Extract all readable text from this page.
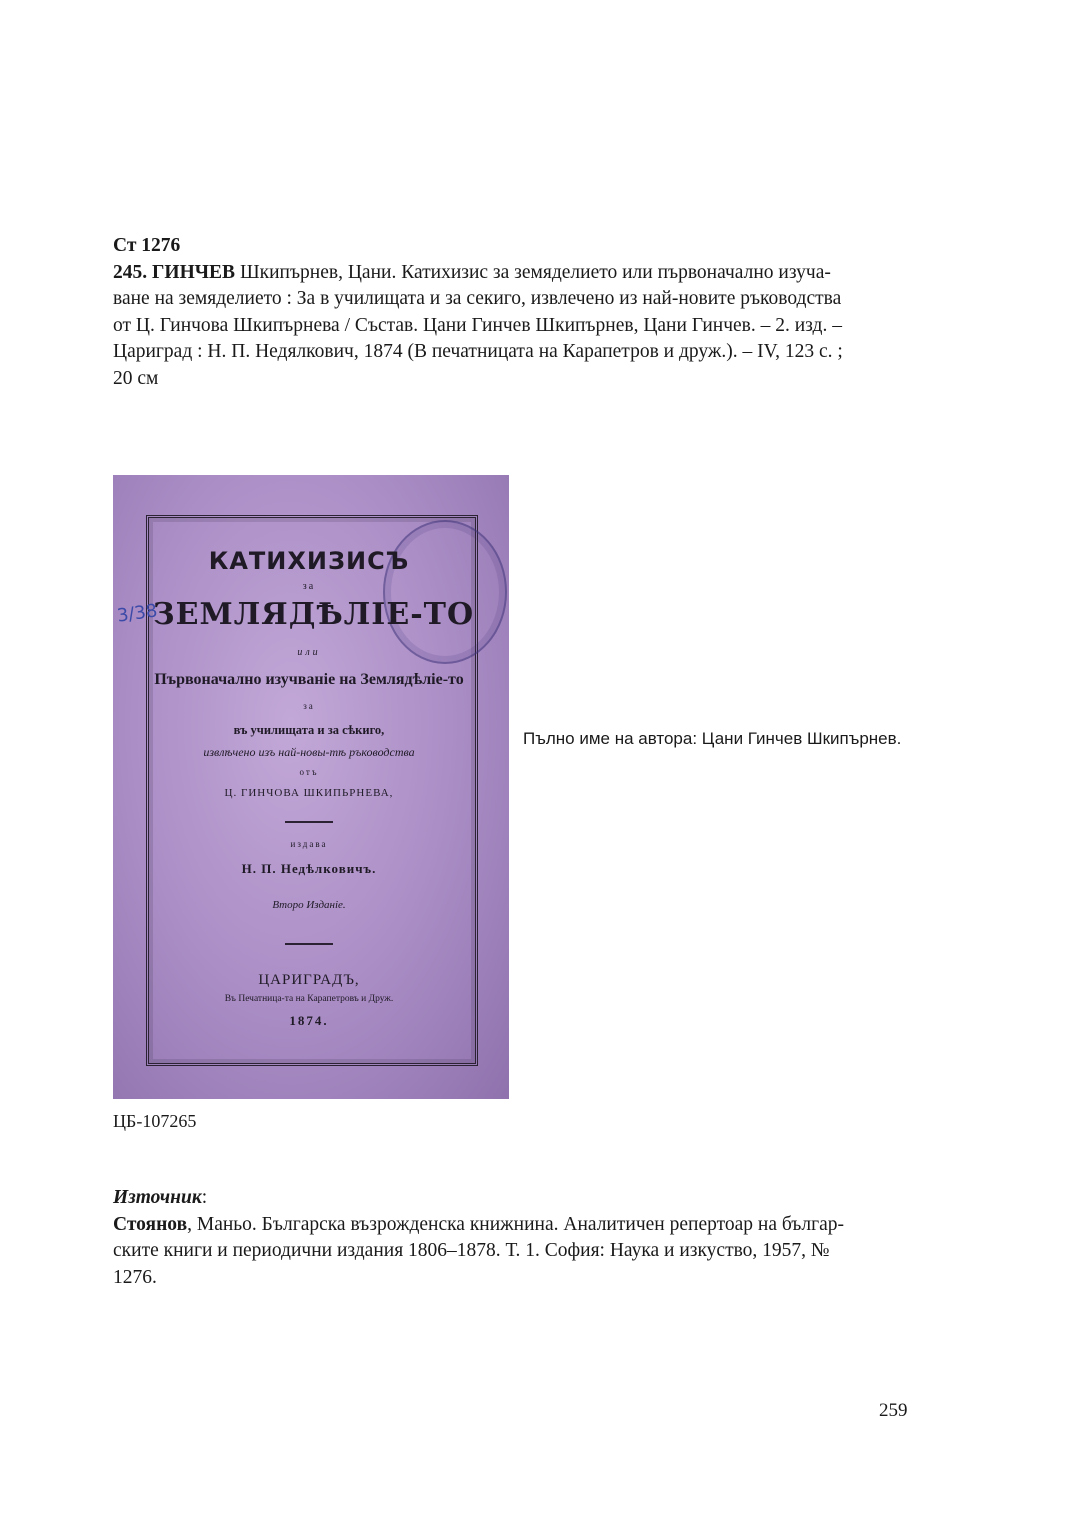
Ст 1276
245. ГИНЧЕВ Шкипърнев, Цани. Катихизис за земяделието или първоначално изуча-
ване на земяделието : За в училищата и за секиго, извлечено из най-новите ръководства
от Ц. Гинчова Шкипърнева / Състав. Цани Гинчев Шкипърнев, Цани Гинчев. – 2. изд. –
Цариград : Н. П. Недялкович, 1874 (В печатницата на Карапетров и друж.). – IV, 123 с. ;
20 см
3/38
КАТИХИЗИСЪ
за
ЗЕМЛЯДѢЛІЕ-ТО
или
Първоначално изучваніе на Землядѣліе-то
за
въ училищата и за сѣкиго,
извлѣчено изъ най-новы-тѣ ръководства
отъ
Ц. ГИНЧОВА ШКИПЬРНЕВА,
издава
Н. П. Недѣлковичъ.
Второ Изданіе.
ЦАРИГРАДЪ,
Въ Печатница-та на Карапетровъ и Друж.
1874.
Пълно име на автора: Цани Гинчев Шкипърнев.
ЦБ-107265
Източник:
Стоянов, Маньо. Българска възрожденска книжнина. Аналитичен репертоар на българ-
ските книги и периодични издания 1806–1878. Т. 1. София: Наука и изкуство, 1957, №
1276.
259
